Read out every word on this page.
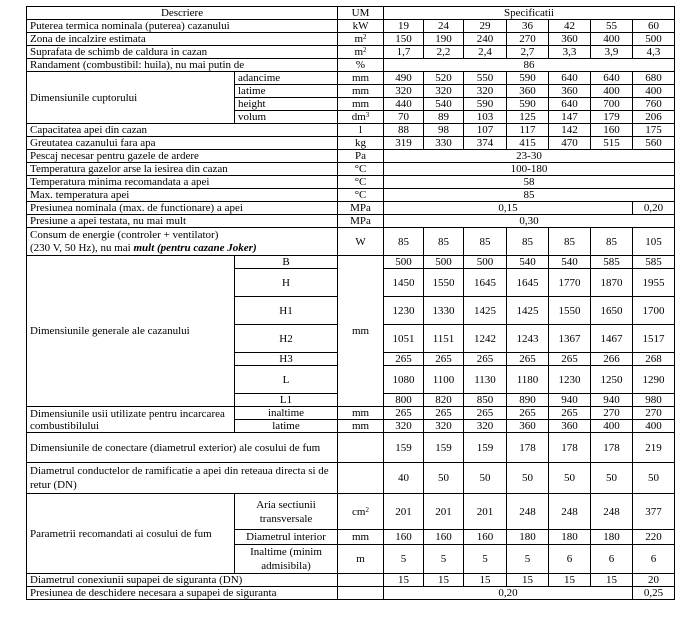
Descriere		UM	Specificatii						
Puterea termica nominala (puterea) cazanului		kW	19	24	29	36	42	55	60
Zona de incalzire estimata		$m^2$	150	190	240	270	360	400	500
Suprafata de schimb de caldura in cazan		$m^2$	1,7	2,2	2,4	2,7	3,3	3,9	4,3
Randament (combustibil: huila), nu mai putin de		%	86						
Dimensiunile cuptorului	adancime	mm	490	520	550	590	640	640	680
	latime	mm	320	320	320	360	360	400	400
	height	mm	440	540	590	590	640	700	760
	volum	$dm^3$	70	89	103	125	147	179	206
Capacitatea apei din cazan		l	88	98	107	117	142	160	175
Greutatea cazanului fara apa		kg	319	330	374	415	470	515	560
Pescaj necesar pentru gazele de ardere		Pa	23-30						
Temperatura gazelor arse la iesirea din cazan		°C	100-180						
Temperatura minima recomandata a apei		°C	58						
Max. temperatura apei		°C	85						
Presiunea nominala (max. de functionare) a apei		MPa	0,15						0,20
Presiune a apei testata, nu mai mult		MPa	0,30						
Consum de energie (controler + ventilator)
(230 V, 50 Hz), nu mai mult (pentru cazane Joker)		W	85	85	85	85	85	85	105
Dimensiunile generale ale cazanului	B	mm	500	500	500	540	540	585	585
	H		1450	1550	1645	1645	1770	1870	1955
	H1		1230	1330	1425	1425	1550	1650	1700
	H2		1051	1151	1242	1243	1367	1467	1517
	H3		265	265	265	265	265	266	268
	L		1080	1100	1130	1180	1230	1250	1290
	L1		800	820	850	890	940	940	980
Dimensiunile usii utilizate pentru incarcarea combustibilului	inaltime	mm	265	265	265	265	265	270	270
	latime	mm	320	320	320	360	360	400	400
Dimensiunile de conectare (diametrul exterior) ale cosului de fum			159	159	159	178	178	178	219
Diametrul conductelor de ramificatie a apei din reteaua directa si de retur (DN)			40	50	50	50	50	50	50
Parametrii recomandati ai cosului de fum	Aria sectiunii transversale	$cm^2$	201	201	201	248	248	248	377
	Diametrul interior	mm	160	160	160	180	180	180	220
	Inaltime (minim admisibila)	m	5	5	5	5	6	6	6
Diametrul conexiunii supapei de siguranta (DN)			15	15	15	15	15	15	20
Presiunea de deschidere necesara a supapei de siguranta			0,20						0,25
